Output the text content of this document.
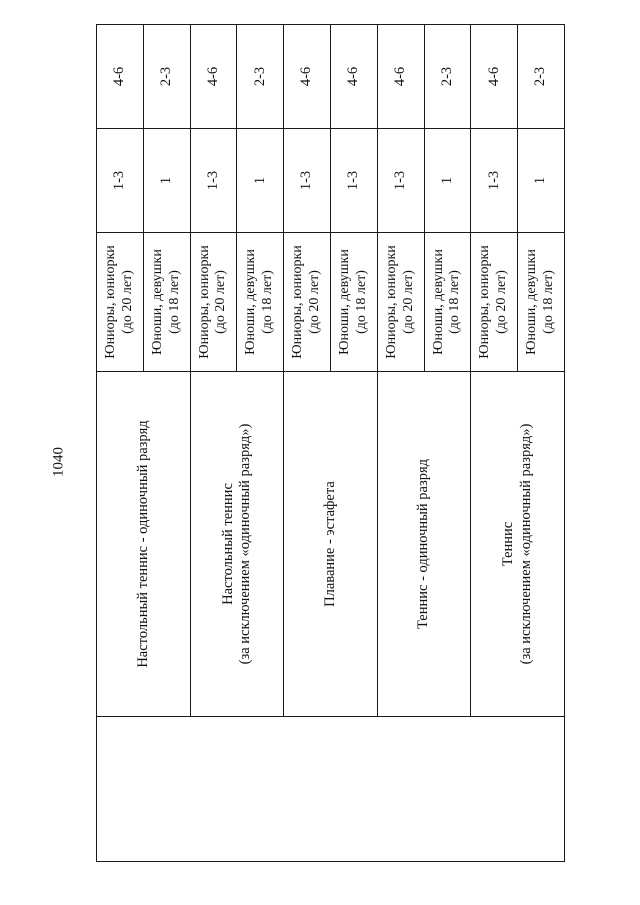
1040

	Настольный теннис - одиночный разряд	Юниоры, юниорки (до 20 лет)	1-3	4-6

		Юноши, девушки (до 18 лет)	1	2-3

	Настольный теннис (за исключением «одиночный разряд»)	Юниоры, юниорки (до 20 лет)	1-3	4-6

		Юноши, девушки (до 18 лет)	1	2-3

	Плавание - эстафета	Юниоры, юниорки (до 20 лет)	1-3	4-6

		Юноши, девушки (до 18 лет)	1-3	4-6

	Теннис - одиночный разряд	Юниоры, юниорки (до 20 лет)	1-3	4-6

		Юноши, девушки (до 18 лет)	1	2-3

	Теннис (за исключением «одиночный разряд»)	Юниоры, юниорки (до 20 лет)	1-3	4-6

		Юноши, девушки (до 18 лет)	1	2-3
